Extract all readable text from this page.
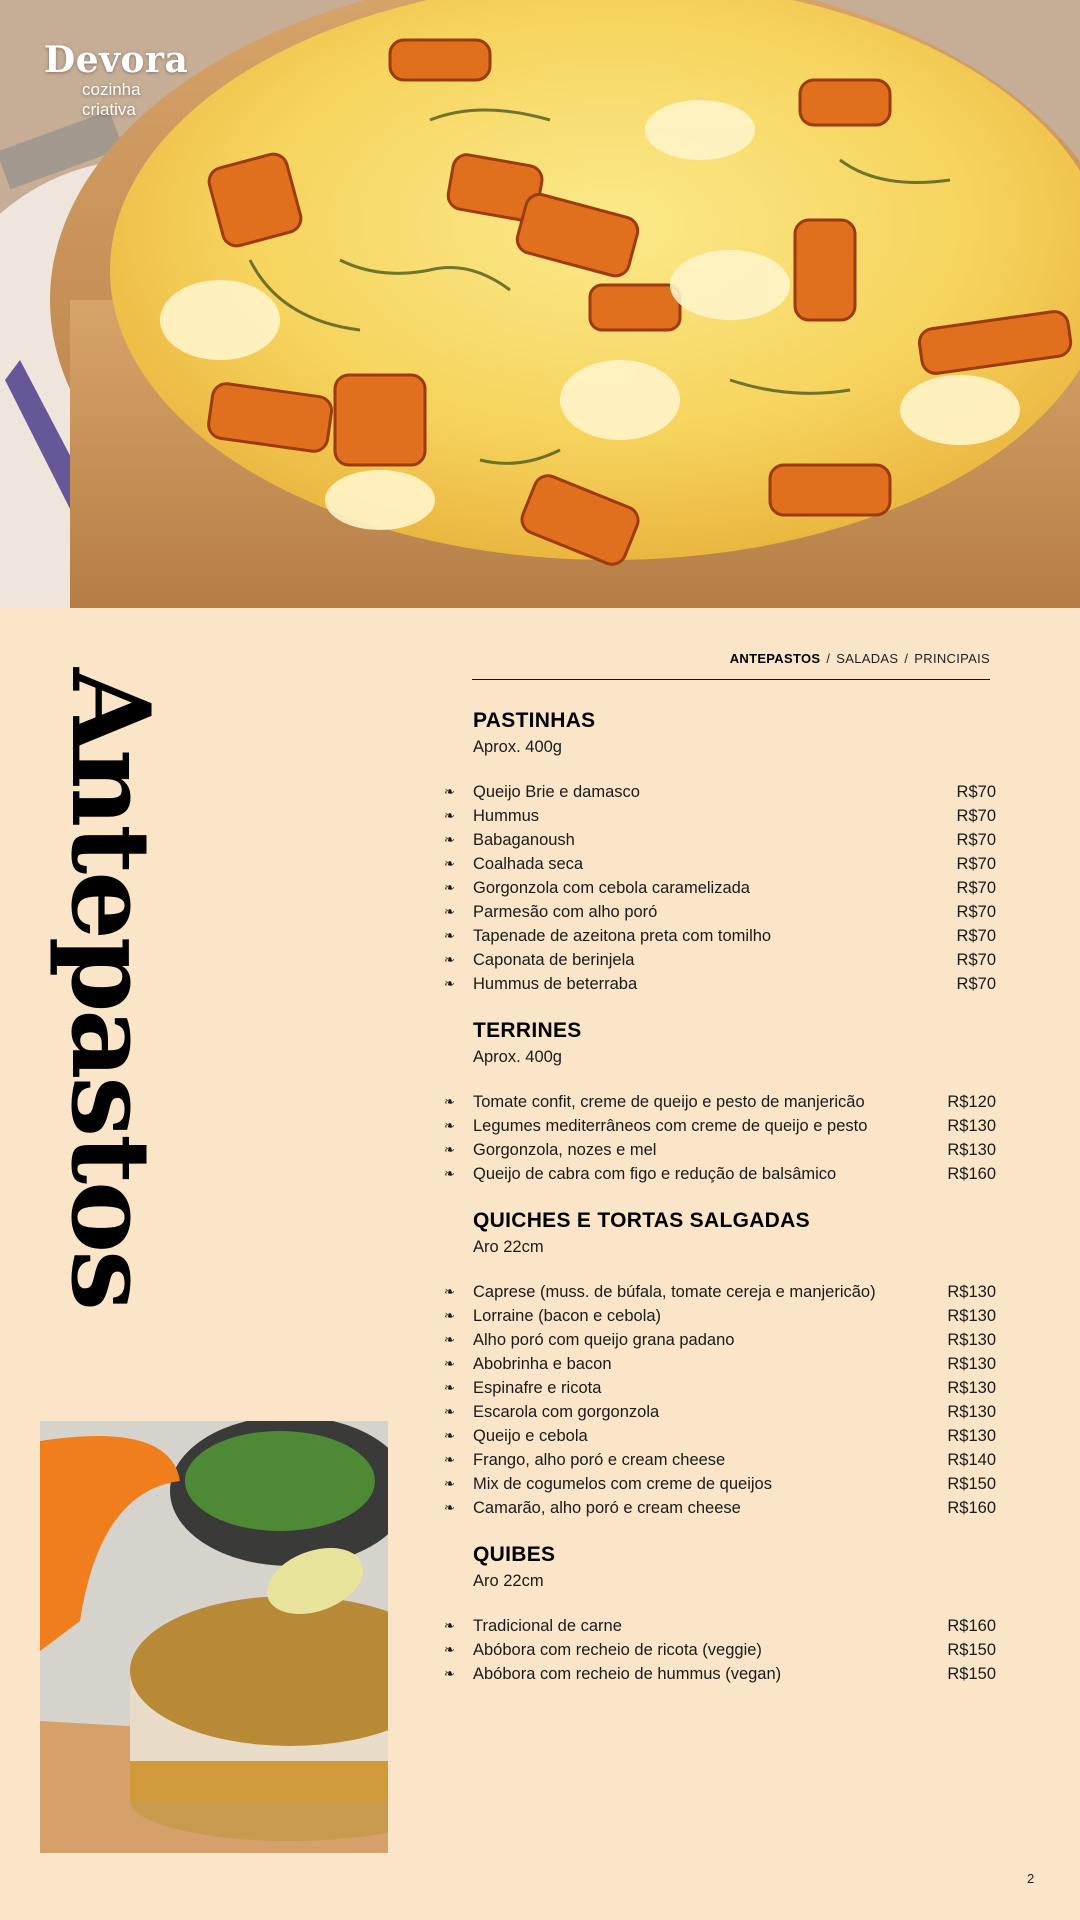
Devora
cozinha
criativa
Antepastos
ANTEPASTOS / SALADAS / PRINCIPAIS
PASTINHAS
Aprox. 400g
❧	Queijo Brie e damasco	R$70
❧	Hummus	R$70
❧	Babaganoush	R$70
❧	Coalhada seca	R$70
❧	Gorgonzola com cebola caramelizada	R$70
❧	Parmesão com alho poró	R$70
❧	Tapenade de azeitona preta com tomilho	R$70
❧	Caponata de berinjela	R$70
❧	Hummus de beterraba	R$70
TERRINES
Aprox. 400g
❧	Tomate confit, creme de queijo e pesto de manjericão	R$120
❧	Legumes mediterrâneos com creme de queijo e pesto	R$130
❧	Gorgonzola, nozes e mel	R$130
❧	Queijo de cabra com figo e redução de balsâmico	R$160
QUICHES E TORTAS SALGADAS
Aro 22cm
❧	Caprese (muss. de búfala, tomate cereja e manjericão)	R$130
❧	Lorraine (bacon e cebola)	R$130
❧	Alho poró com queijo grana padano	R$130
❧	Abobrinha e bacon	R$130
❧	Espinafre e ricota	R$130
❧	Escarola com gorgonzola	R$130
❧	Queijo e cebola	R$130
❧	Frango, alho poró e cream cheese	R$140
❧	Mix de cogumelos com creme de queijos	R$150
❧	Camarão, alho poró e cream cheese	R$160
QUIBES
Aro 22cm
❧	Tradicional de carne	R$160
❧	Abóbora com recheio de ricota (veggie)	R$150
❧	Abóbora com recheio de hummus (vegan)	R$150
2
